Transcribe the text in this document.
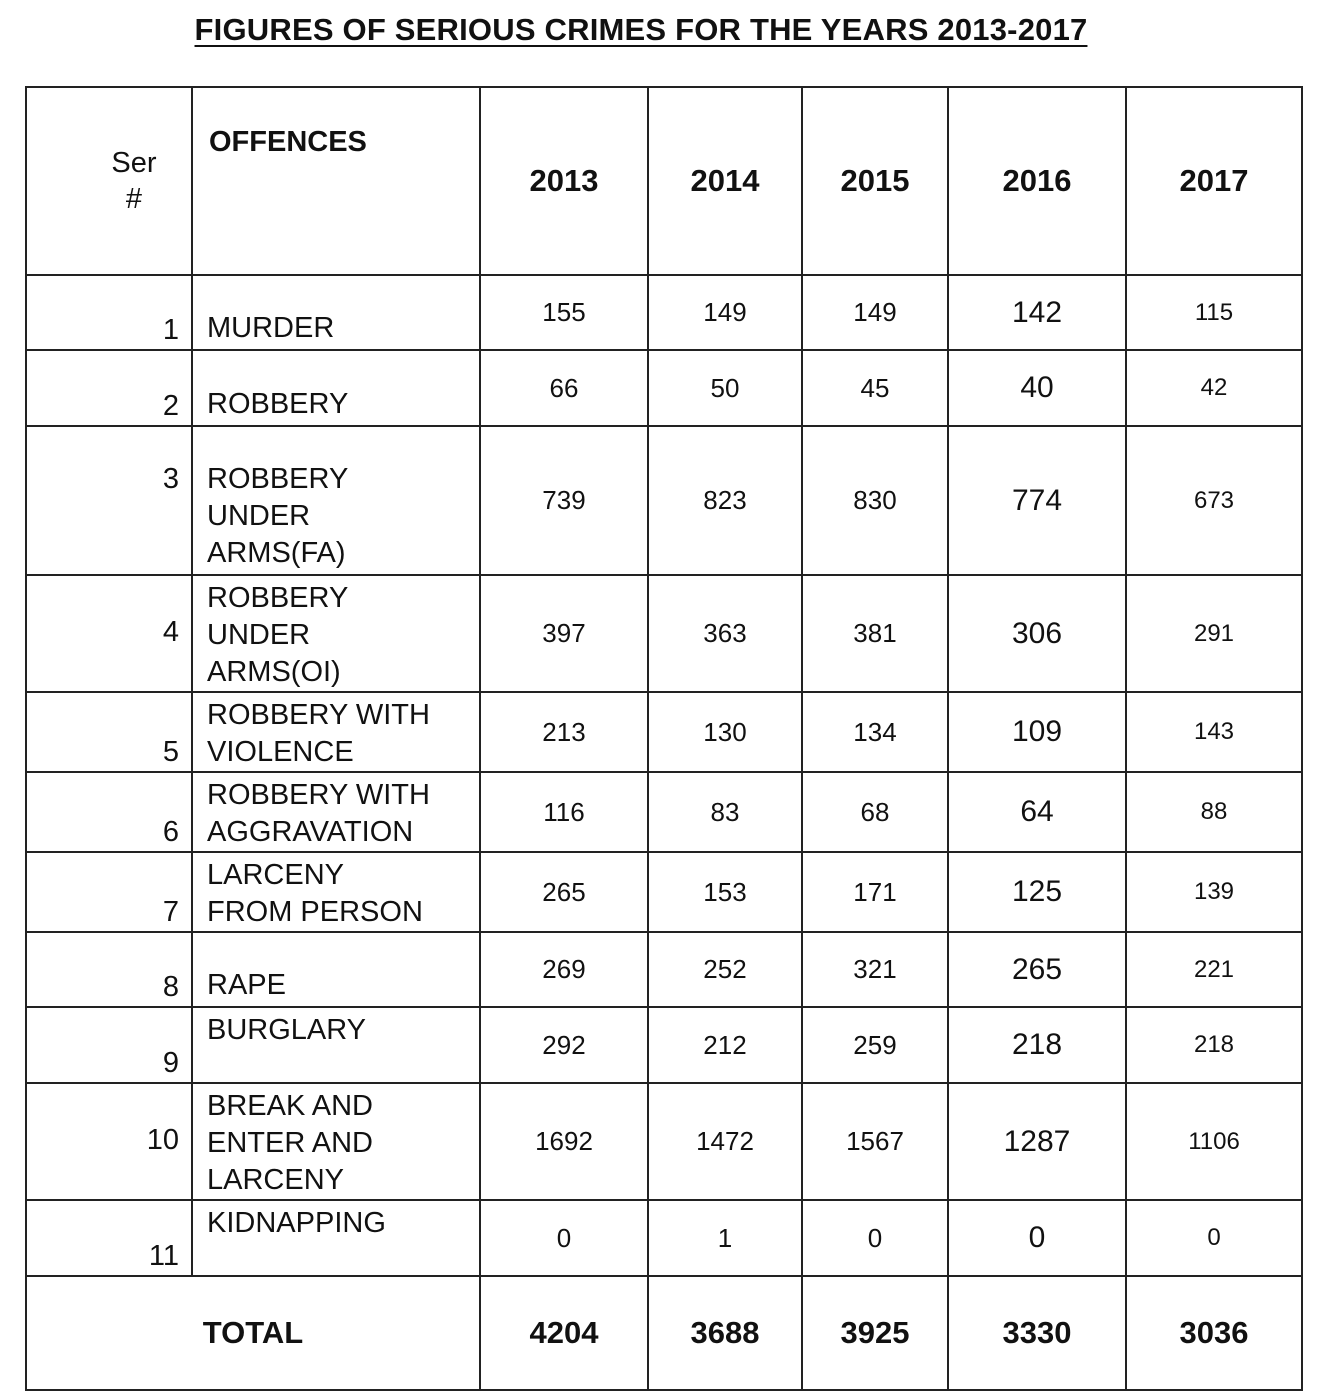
FIGURES OF SERIOUS CRIMES FOR THE YEARS 2013-2017
Ser
#	OFFENCES	2013	2014	2015	2016	2017
1	MURDER	155	149	149	142	115
2	ROBBERY	66	50	45	40	42
3	ROBBERY
UNDER
ARMS(FA)	739	823	830	774	673
4	ROBBERY
UNDER
ARMS(OI)	397	363	381	306	291
5	ROBBERY WITH
VIOLENCE	213	130	134	109	143
6	ROBBERY WITH
AGGRAVATION	116	83	68	64	88
7	LARCENY
FROM PERSON	265	153	171	125	139
8	RAPE	269	252	321	265	221
9	BURGLARY	292	212	259	218	218
10	BREAK AND
ENTER AND
LARCENY	1692	1472	1567	1287	1106
11	KIDNAPPING	0	1	0	0	0
TOTAL		4204	3688	3925	3330	3036
